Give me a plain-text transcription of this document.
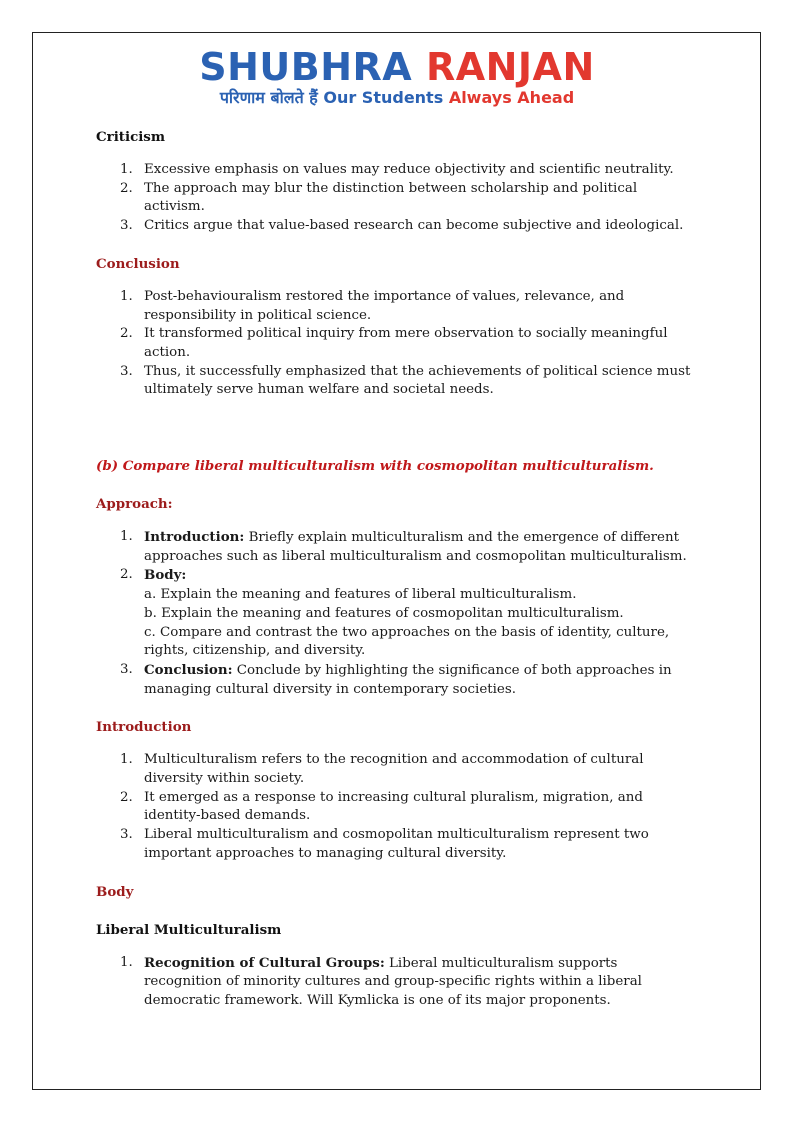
SHUBHRA RANJAN
परिणाम बोलते हैं Our Students Always Ahead
Criticism
1. Excessive emphasis on values may reduce objectivity and scientific neutrality.
2. The approach may blur the distinction between scholarship and political activism.
3. Critics argue that value-based research can become subjective and ideological.
Conclusion
1. Post-behaviouralism restored the importance of values, relevance, and responsibility in political science.
2. It transformed political inquiry from mere observation to socially meaningful action.
3. Thus, it successfully emphasized that the achievements of political science must ultimately serve human welfare and societal needs.

(b) Compare liberal multiculturalism with cosmopolitan multiculturalism.

Approach:
1. Introduction: Briefly explain multiculturalism and the emergence of different approaches such as liberal multiculturalism and cosmopolitan multiculturalism.
2. Body:
a. Explain the meaning and features of liberal multiculturalism.
b. Explain the meaning and features of cosmopolitan multiculturalism.
c. Compare and contrast the two approaches on the basis of identity, culture, rights, citizenship, and diversity.
3. Conclusion: Conclude by highlighting the significance of both approaches in managing cultural diversity in contemporary societies.
Introduction
1. Multiculturalism refers to the recognition and accommodation of cultural diversity within society.
2. It emerged as a response to increasing cultural pluralism, migration, and identity-based demands.
3. Liberal multiculturalism and cosmopolitan multiculturalism represent two important approaches to managing cultural diversity.
Body
Liberal Multiculturalism
1. Recognition of Cultural Groups: Liberal multiculturalism supports recognition of minority cultures and group-specific rights within a liberal democratic framework. Will Kymlicka is one of its major proponents.
